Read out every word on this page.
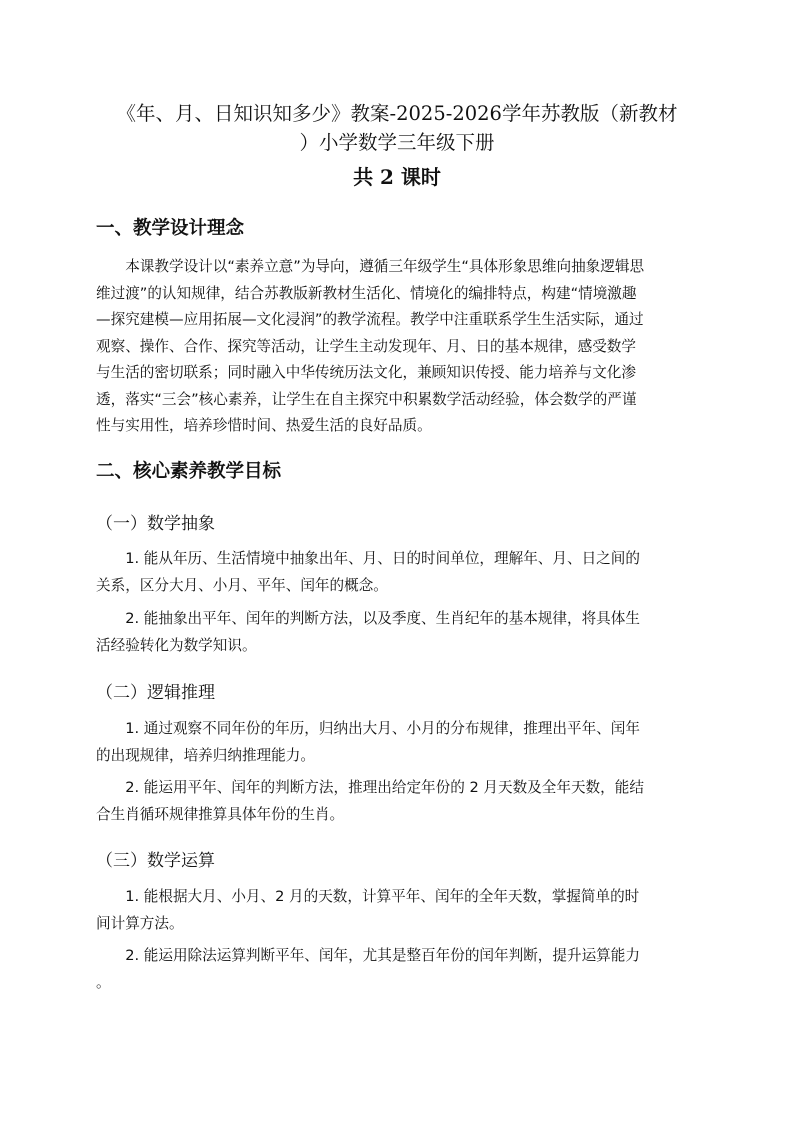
《年、月、日知识知多少》教案-2025-2026学年苏教版（新教材
）小学数学三年级下册
共 2 课时
一、教学设计理念
　　本课教学设计以“素养立意”为导向，遵循三年级学生“具体形象思维向抽象逻辑思
维过渡”的认知规律，结合苏教版新教材生活化、情境化的编排特点，构建“情境激趣
—探究建模—应用拓展—文化浸润”的教学流程。教学中注重联系学生生活实际，通过
观察、操作、合作、探究等活动，让学生主动发现年、月、日的基本规律，感受数学
与生活的密切联系；同时融入中华传统历法文化，兼顾知识传授、能力培养与文化渗
透，落实“三会”核心素养，让学生在自主探究中积累数学活动经验，体会数学的严谨
性与实用性，培养珍惜时间、热爱生活的良好品质。
二、核心素养教学目标
（一）数学抽象
　　1. 能从年历、生活情境中抽象出年、月、日的时间单位，理解年、月、日之间的
关系，区分大月、小月、平年、闰年的概念。
　　2. 能抽象出平年、闰年的判断方法，以及季度、生肖纪年的基本规律，将具体生
活经验转化为数学知识。
（二）逻辑推理
　　1. 通过观察不同年份的年历，归纳出大月、小月的分布规律，推理出平年、闰年
的出现规律，培养归纳推理能力。
　　2. 能运用平年、闰年的判断方法，推理出给定年份的 2 月天数及全年天数，能结
合生肖循环规律推算具体年份的生肖。
（三）数学运算
　　1. 能根据大月、小月、2 月的天数，计算平年、闰年的全年天数，掌握简单的时
间计算方法。
　　2. 能运用除法运算判断平年、闰年，尤其是整百年份的闰年判断，提升运算能力
。
